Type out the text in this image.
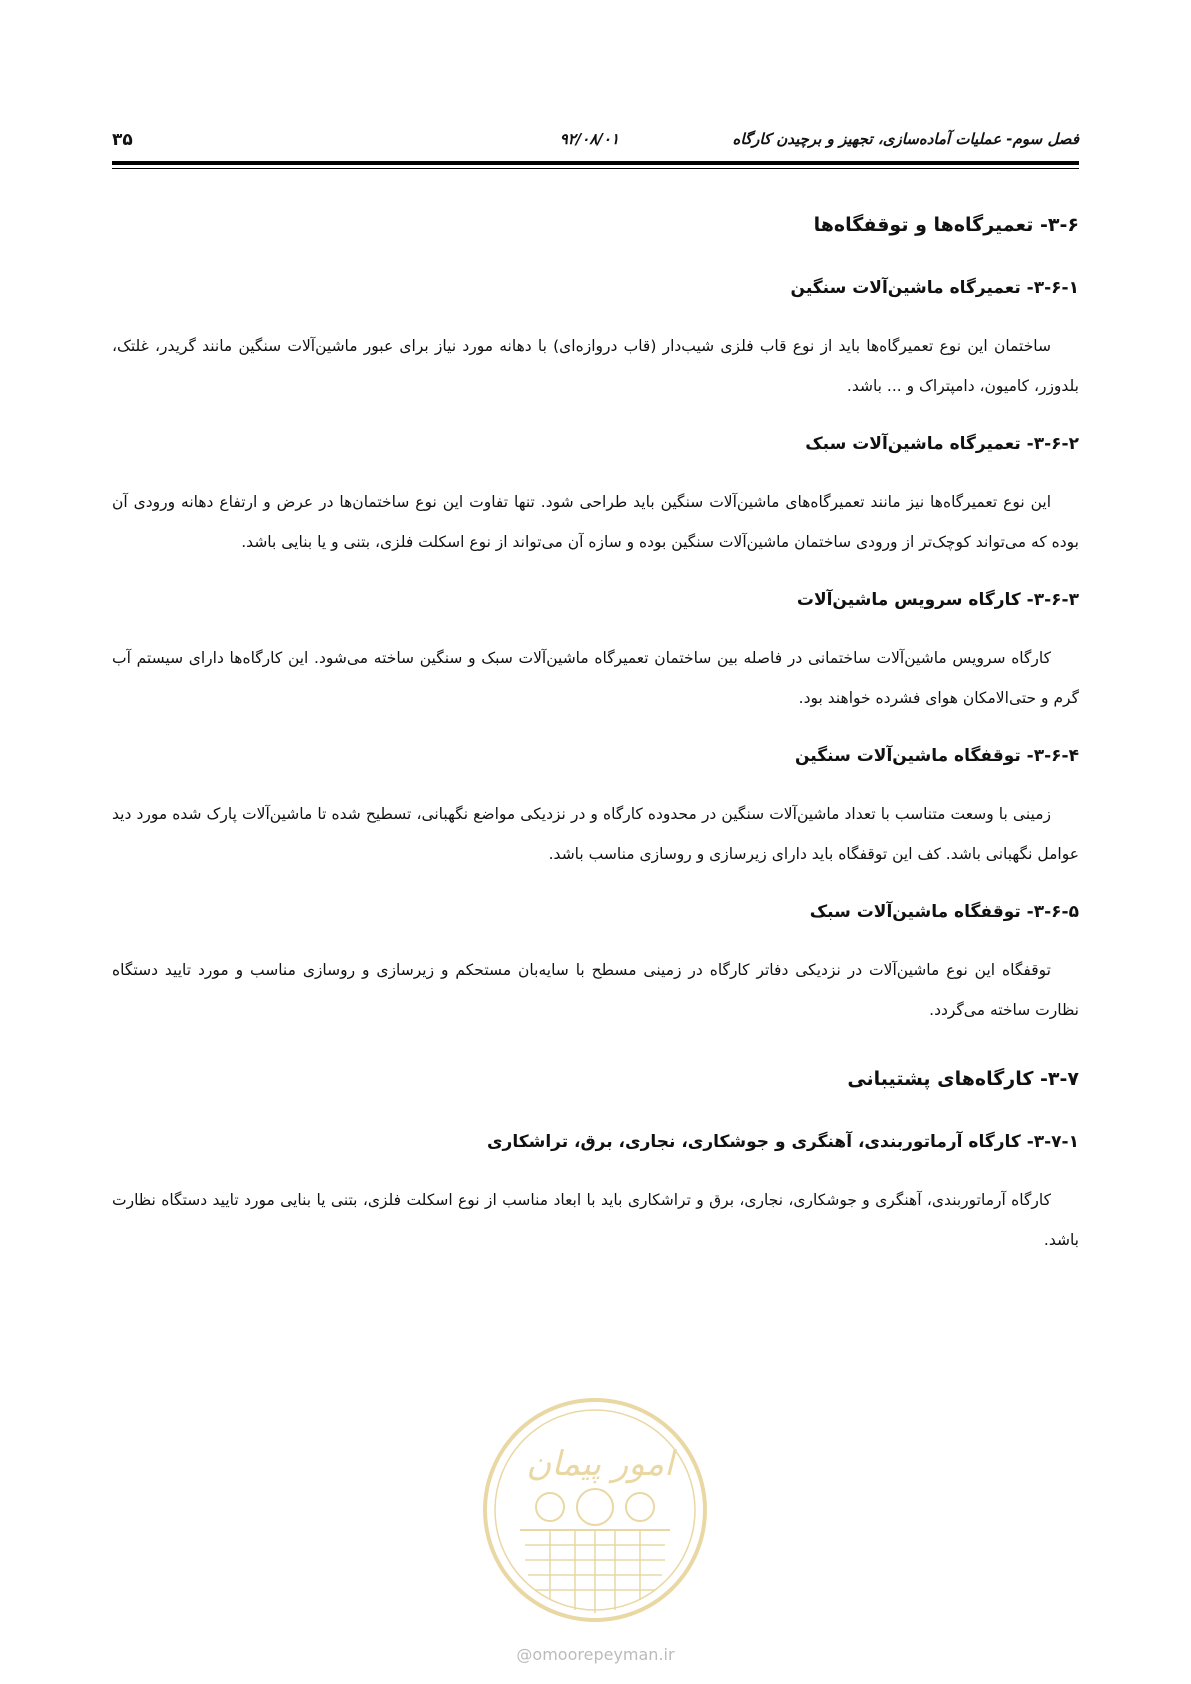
فصل سوم- عملیات آماده‌سازی، تجهیز و برچیدن کارگاه
۹۲/۰۸/۰۱
۳۵
۳-۶- تعمیرگاه‌ها و توقفگاه‌ها
۳-۶-۱- تعمیرگاه ماشین‌آلات سنگین

ساختمان این نوع تعمیرگاه‌ها باید از نوع قاب فلزی شیب‌دار (قاب دروازه‌ای) با دهانه مورد نیاز برای عبور ماشین‌آلات سنگین مانند گریدر، غلتک، بلدوزر، کامیون، دامپتراک و ... باشد.

۳-۶-۲- تعمیرگاه ماشین‌آلات سبک

این نوع تعمیرگاه‌ها نیز مانند تعمیرگاه‌های ماشین‌آلات سنگین باید طراحی شود. تنها تفاوت این نوع ساختمان‌ها در عرض و ارتفاع دهانه ورودی آن بوده که می‌تواند کوچک‌تر از ورودی ساختمان ماشین‌آلات سنگین بوده و سازه آن می‌تواند از نوع اسکلت فلزی، بتنی و یا بنایی باشد.

۳-۶-۳- کارگاه سرویس ماشین‌آلات

کارگاه سرویس ماشین‌آلات ساختمانی در فاصله بین ساختمان تعمیرگاه ماشین‌آلات سبک و سنگین ساخته می‌شود. این کارگاه‌ها دارای سیستم آب گرم و حتی‌الامکان هوای فشرده خواهند بود.

۳-۶-۴- توقفگاه ماشین‌آلات سنگین

زمینی با وسعت متناسب با تعداد ماشین‌آلات سنگین در محدوده کارگاه و در نزدیکی مواضع نگهبانی، تسطیح شده تا ماشین‌آلات پارک شده مورد دید عوامل نگهبانی باشد. کف این توقفگاه باید دارای زیرسازی و روسازی مناسب باشد.

۳-۶-۵- توقفگاه ماشین‌آلات سبک

توقفگاه این نوع ماشین‌آلات در نزدیکی دفاتر کارگاه در زمینی مسطح با سایه‌بان مستحکم و زیرسازی و روسازی مناسب و مورد تایید دستگاه نظارت ساخته می‌گردد.

۳-۷- کارگاه‌های پشتیبانی
۳-۷-۱- کارگاه آرماتوربندی، آهنگری و جوشکاری، نجاری، برق، تراشکاری

کارگاه آرماتوربندی، آهنگری و جوشکاری، نجاری، برق و تراشکاری باید با ابعاد مناسب از نوع اسکلت فلزی، بتنی یا بنایی مورد تایید دستگاه نظارت باشد.

امور پیمان
@omoorepeyman.ir
